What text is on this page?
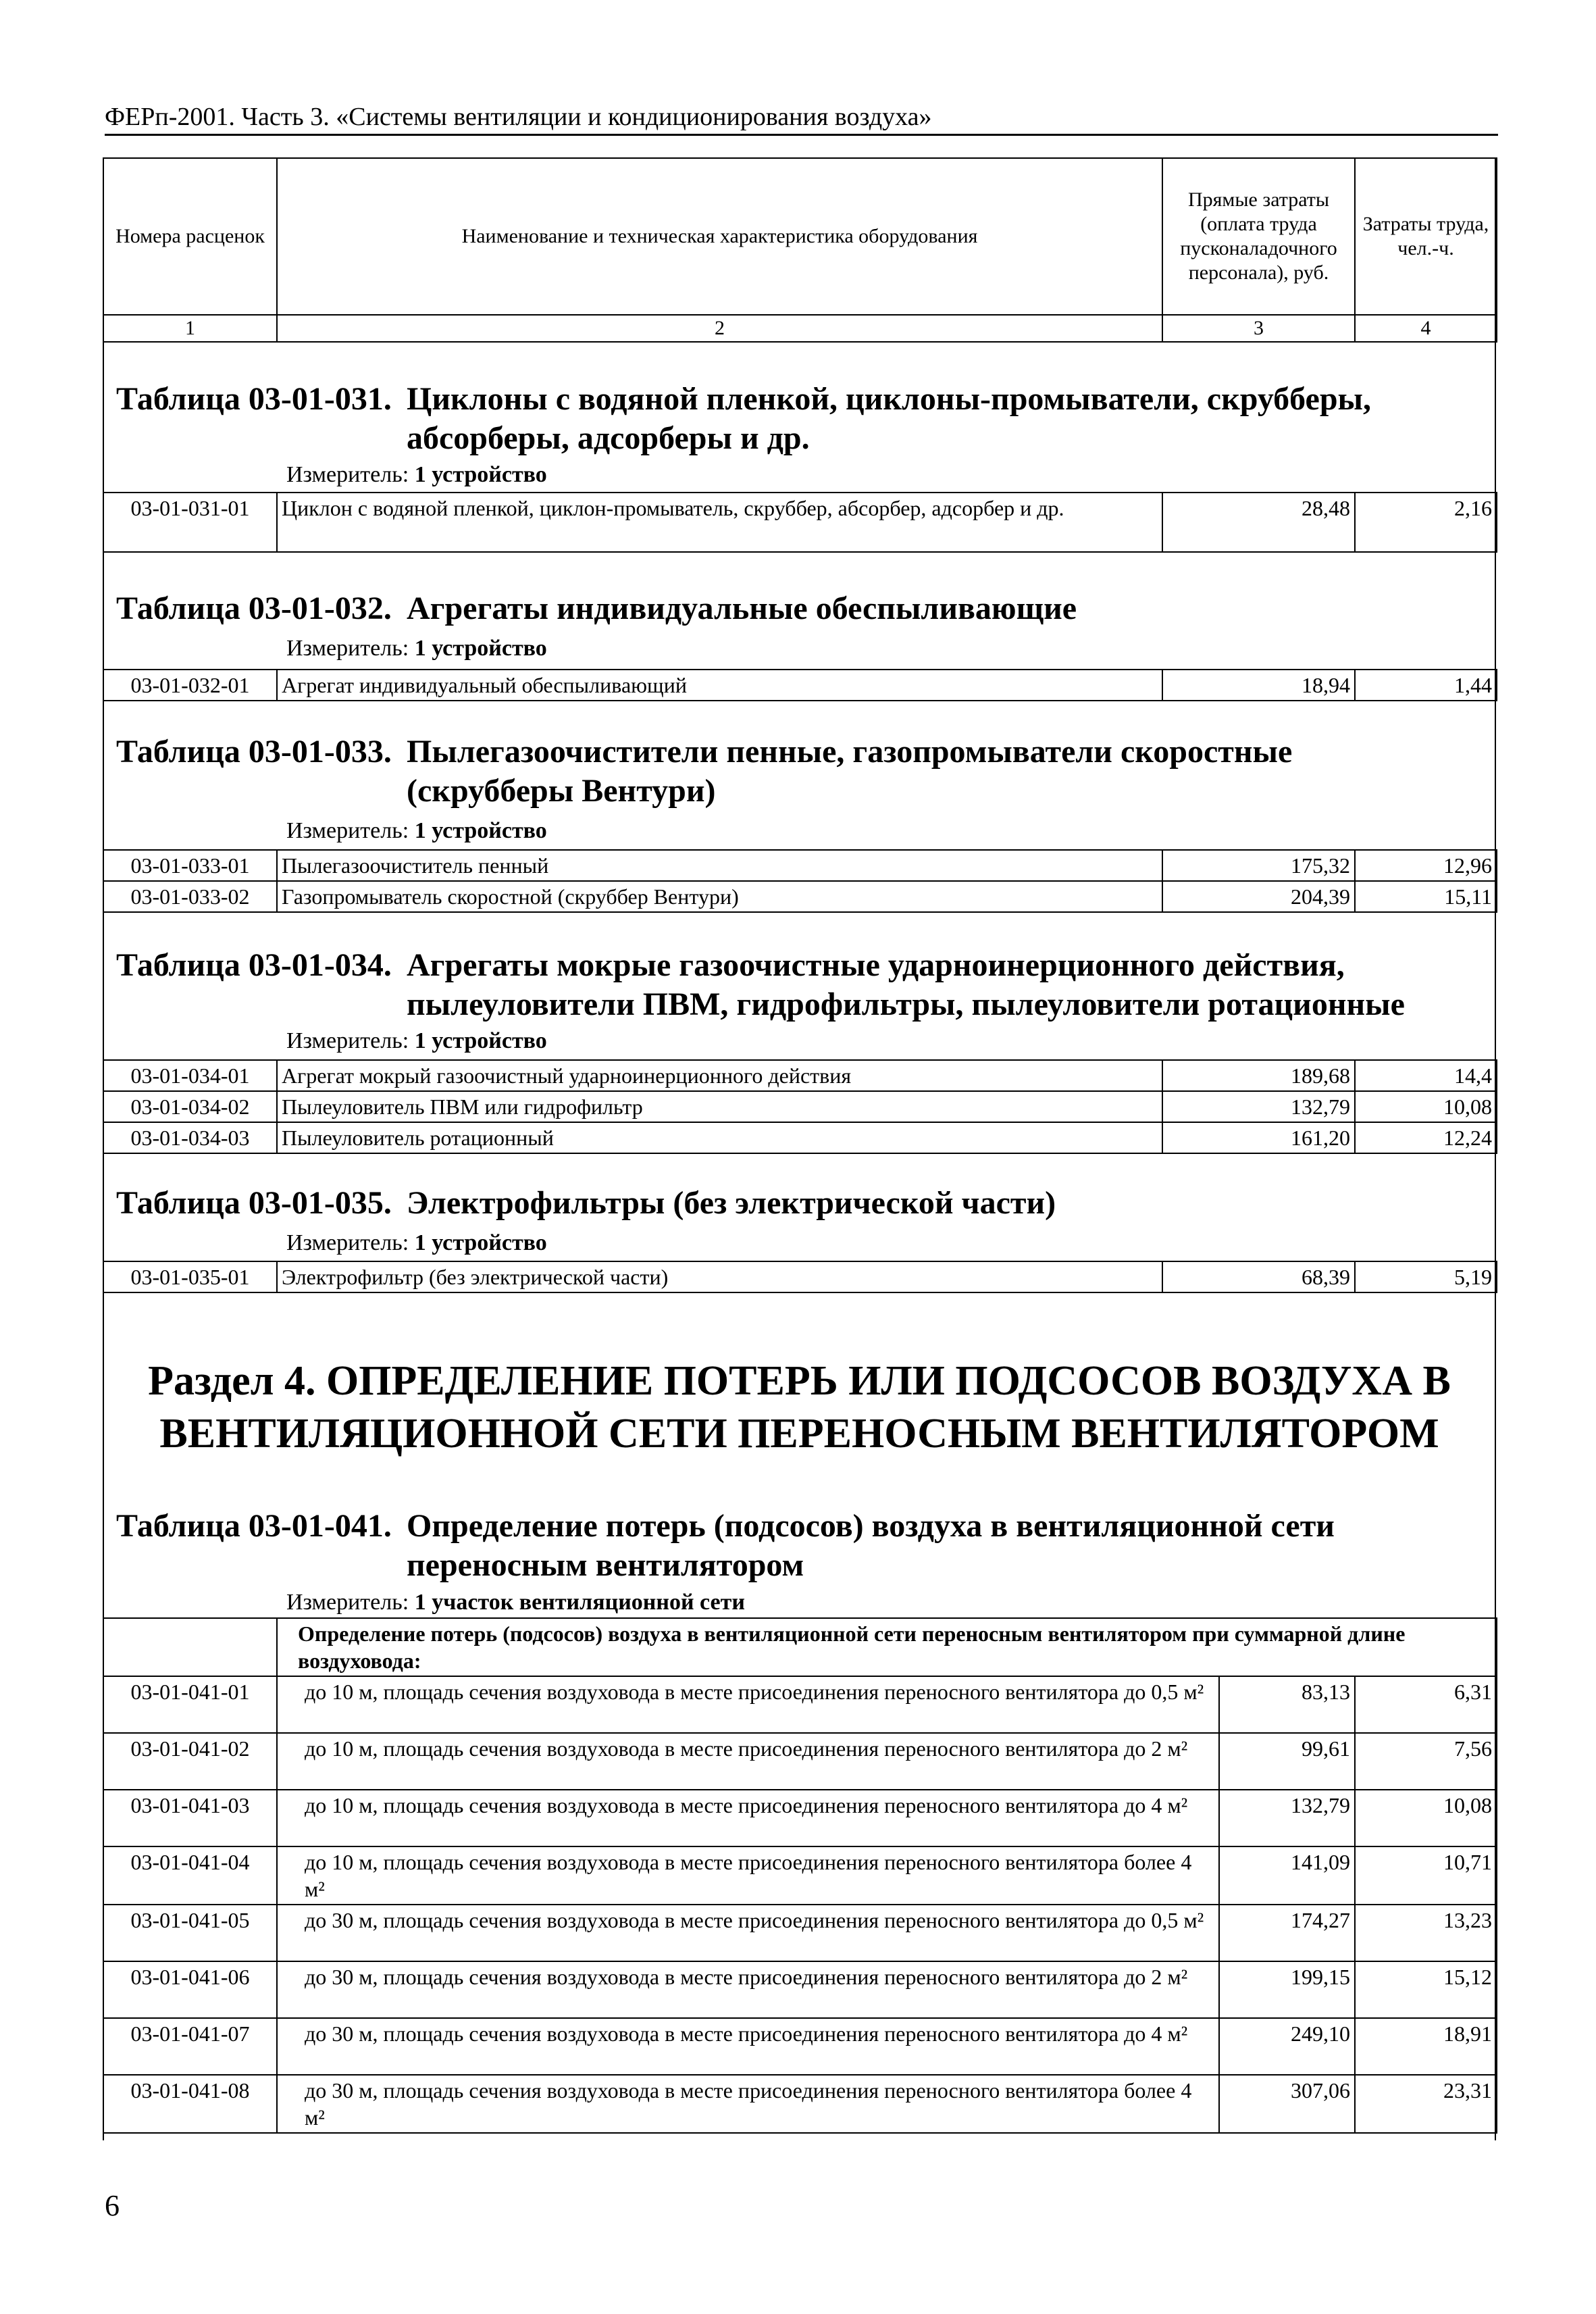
ФЕРп-2001. Часть 3. «Системы вентиляции и кондиционирования воздуха»
Номера расценок	Наименование и техническая характеристика оборудования	Прямые затраты (оплата труда пусконаладочного персонала), руб.	Затраты труда, чел.-ч.
1	2	3	4
Таблица 03-01-031. Циклоны с водяной пленкой, циклоны-промыватели, скрубберы, абсорберы, адсорберы и др.
Измеритель: 1 устройство
03-01-031-01	Циклон с водяной пленкой, циклон-промыватель, скруббер, абсорбер, адсорбер и др.	28,48	2,16
Таблица 03-01-032. Агрегаты индивидуальные обеспыливающие
Измеритель: 1 устройство
03-01-032-01	Агрегат индивидуальный обеспыливающий	18,94	1,44
Таблица 03-01-033. Пылегазоочистители пенные, газопромыватели скоростные (скрубберы Вентури)
Измеритель: 1 устройство
03-01-033-01	Пылегазоочиститель пенный	175,32	12,96
03-01-033-02	Газопромыватель скоростной (скруббер Вентури)	204,39	15,11
Таблица 03-01-034. Агрегаты мокрые газоочистные ударноинерционного действия, пылеуловители ПВМ, гидрофильтры, пылеуловители ротационные
Измеритель: 1 устройство
03-01-034-01	Агрегат мокрый газоочистный ударноинерционного действия	189,68	14,4
03-01-034-02	Пылеуловитель ПВМ или гидрофильтр	132,79	10,08
03-01-034-03	Пылеуловитель ротационный	161,20	12,24
Таблица 03-01-035. Электрофильтры (без электрической части)
Измеритель: 1 устройство
03-01-035-01	Электрофильтр (без электрической части)	68,39	5,19
Раздел 4. ОПРЕДЕЛЕНИЕ ПОТЕРЬ ИЛИ ПОДСОСОВ ВОЗДУХА В
ВЕНТИЛЯЦИОННОЙ СЕТИ ПЕРЕНОСНЫМ ВЕНТИЛЯТОРОМ
Таблица 03-01-041. Определение потерь (подсосов) воздуха в вентиляционной сети переносным вентилятором
Измеритель: 1 участок вентиляционной сети
	Определение потерь (подсосов) воздуха в вентиляционной сети переносным вентилятором при суммарной длине воздуховода:		
03-01-041-01	до 10 м, площадь сечения воздуховода в месте присоединения переносного вентилятора до 0,5 м²	83,13	6,31
03-01-041-02	до 10 м, площадь сечения воздуховода в месте присоединения переносного вентилятора до 2 м²	99,61	7,56
03-01-041-03	до 10 м, площадь сечения воздуховода в месте присоединения переносного вентилятора до 4 м²	132,79	10,08
03-01-041-04	до 10 м, площадь сечения воздуховода в месте присоединения переносного вентилятора более 4 м²	141,09	10,71
03-01-041-05	до 30 м, площадь сечения воздуховода в месте присоединения переносного вентилятора до 0,5 м²	174,27	13,23
03-01-041-06	до 30 м, площадь сечения воздуховода в месте присоединения переносного вентилятора до 2 м²	199,15	15,12
03-01-041-07	до 30 м, площадь сечения воздуховода в месте присоединения переносного вентилятора до 4 м²	249,10	18,91
03-01-041-08	до 30 м, площадь сечения воздуховода в месте присоединения переносного вентилятора более 4 м²	307,06	23,31
6
